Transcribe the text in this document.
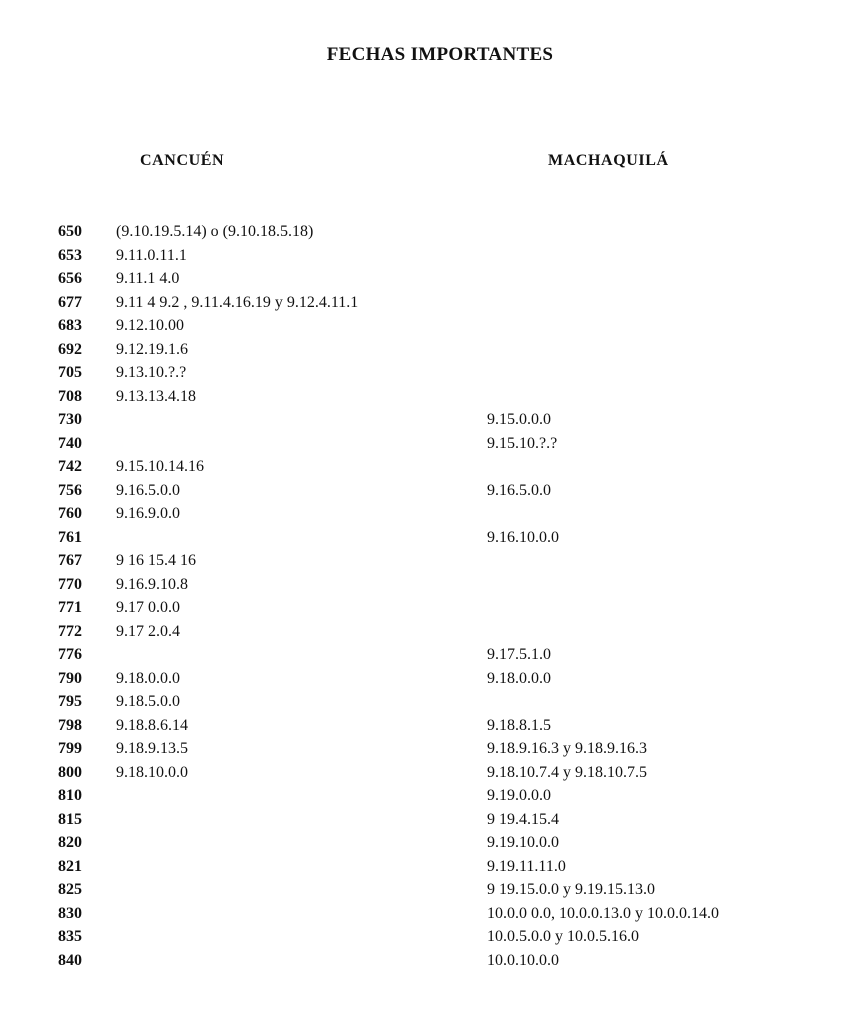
FECHAS IMPORTANTES
CANCUÉN	MACHAQUILÁ
650 (9.10.19.5.14) o (9.10.18.5.18)
653 9.11.0.11.1
656 9.11.1 4.0
677 9.11 4 9.2 , 9.11.4.16.19 y 9.12.4.11.1
683 9.12.10.00
692 9.12.19.1.6
705 9.13.10.?.?
708 9.13.13.4.18
730	9.15.0.0.0
740	9.15.10.?.?
742 9.15.10.14.16
756 9.16.5.0.0	9.16.5.0.0
760 9.16.9.0.0
761	9.16.10.0.0
767 9 16 15.4 16
770 9.16.9.10.8
771 9.17 0.0.0
772 9.17 2.0.4
776	9.17.5.1.0
790 9.18.0.0.0	9.18.0.0.0
795 9.18.5.0.0
798 9.18.8.6.14	9.18.8.1.5
799 9.18.9.13.5	9.18.9.16.3 y 9.18.9.16.3
800 9.18.10.0.0	9.18.10.7.4 y 9.18.10.7.5
810	9.19.0.0.0
815	9 19.4.15.4
820	9.19.10.0.0
821	9.19.11.11.0
825	9 19.15.0.0 y 9.19.15.13.0
830	10.0.0 0.0, 10.0.0.13.0 y 10.0.0.14.0
835	10.0.5.0.0 y 10.0.5.16.0
840	10.0.10.0.0
